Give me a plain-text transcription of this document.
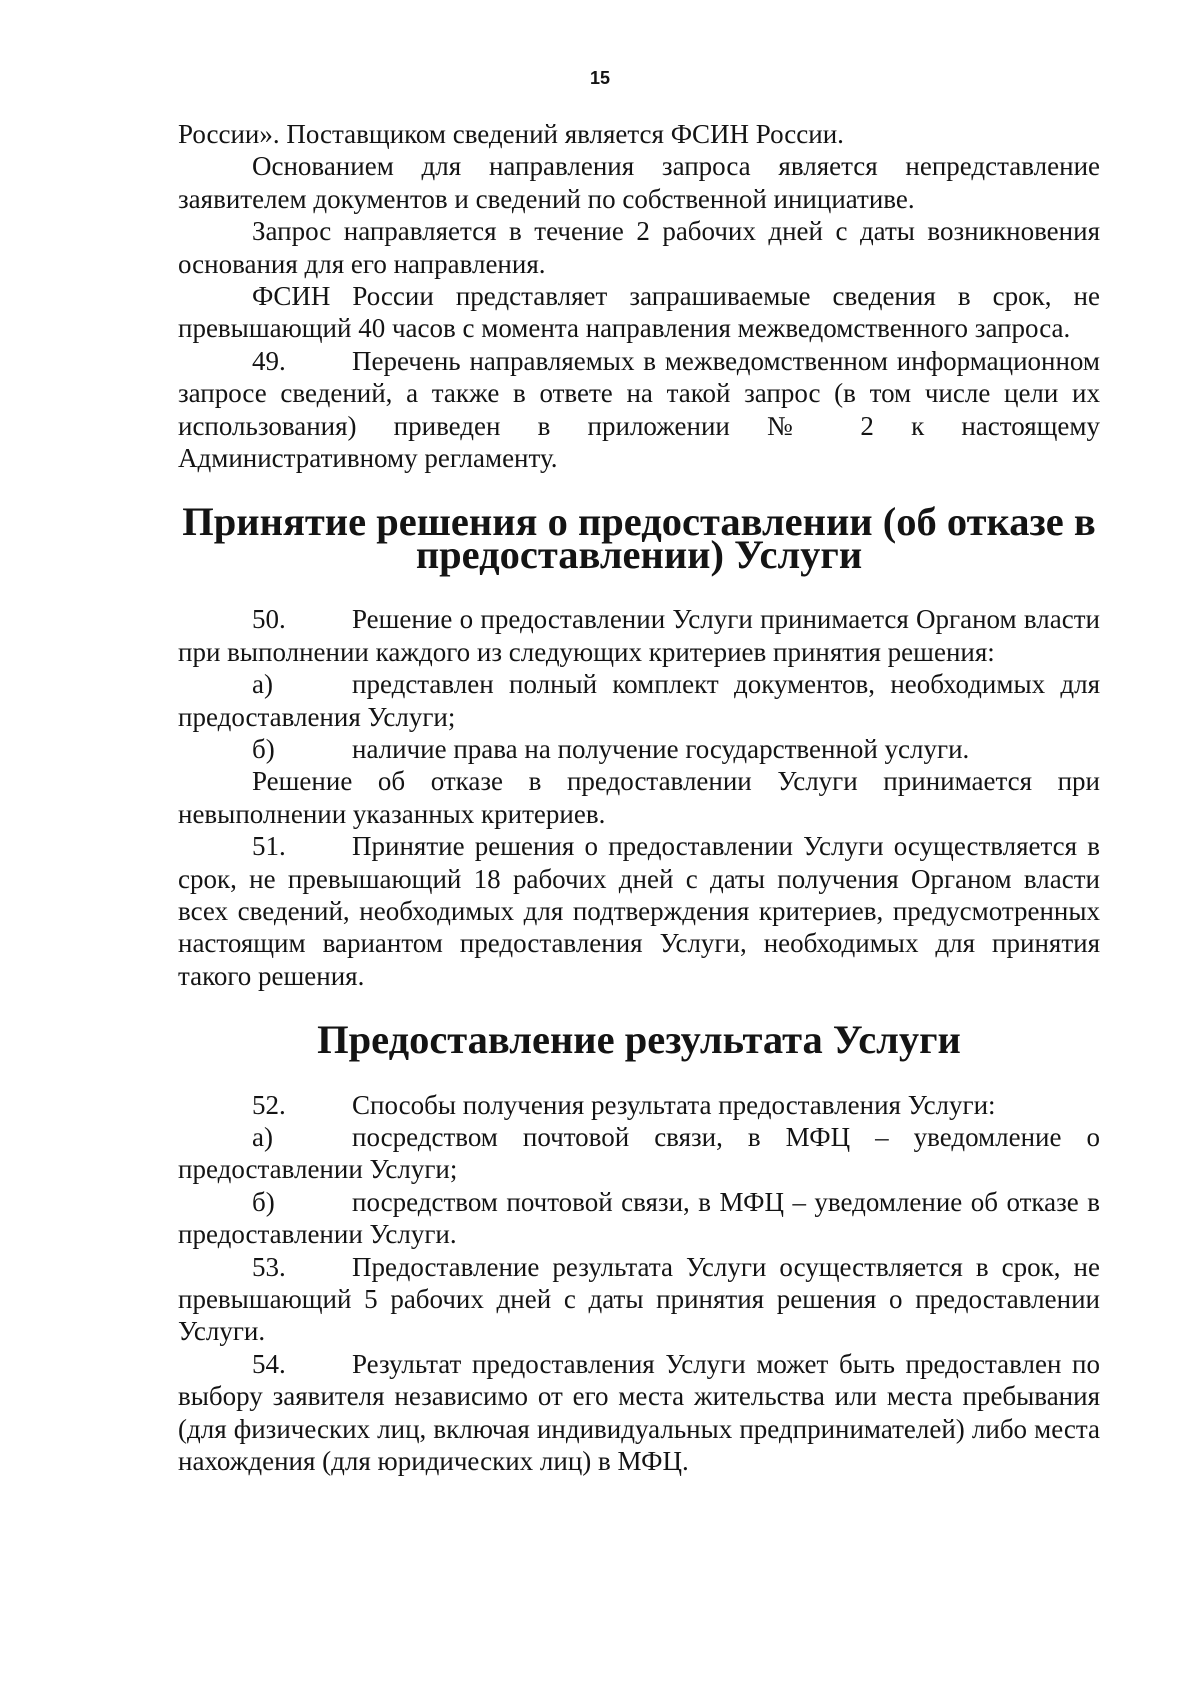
15

России». Поставщиком сведений является ФСИН России.

Основанием для направления запроса является непредставление заявителем документов и сведений по собственной инициативе.

Запрос направляется в течение 2 рабочих дней с даты возникновения основания для его направления.

ФСИН России представляет запрашиваемые сведения в срок, не превышающий 40 часов с момента направления межведомственного запроса.

49. Перечень направляемых в межведомственном информационном запросе сведений, а также в ответе на такой запрос (в том числе цели их использования) приведен в приложении № 2 к настоящему Административному регламенту.

Принятие решения о предоставлении (об отказе в предоставлении) Услуги

50. Решение о предоставлении Услуги принимается Органом власти при выполнении каждого из следующих критериев принятия решения:

а)	представлен полный комплект документов, необходимых для предоставления Услуги;

б)	наличие права на получение государственной услуги.

Решение об отказе в предоставлении Услуги принимается при невыполнении указанных критериев.

51. Принятие решения о предоставлении Услуги осуществляется в срок, не превышающий 18 рабочих дней с даты получения Органом власти всех сведений, необходимых для подтверждения критериев, предусмотренных настоящим вариантом предоставления Услуги, необходимых для принятия такого решения.

Предоставление результата Услуги

52. Способы получения результата предоставления Услуги:

а)	посредством почтовой связи, в МФЦ – уведомление о предоставлении Услуги;

б)	посредством почтовой связи, в МФЦ – уведомление об отказе в предоставлении Услуги.

53. Предоставление результата Услуги осуществляется в срок, не превышающий 5 рабочих дней с даты принятия решения о предоставлении Услуги.

54. Результат предоставления Услуги может быть предоставлен по выбору заявителя независимо от его места жительства или места пребывания (для физических лиц, включая индивидуальных предпринимателей) либо места нахождения (для юридических лиц) в МФЦ.
